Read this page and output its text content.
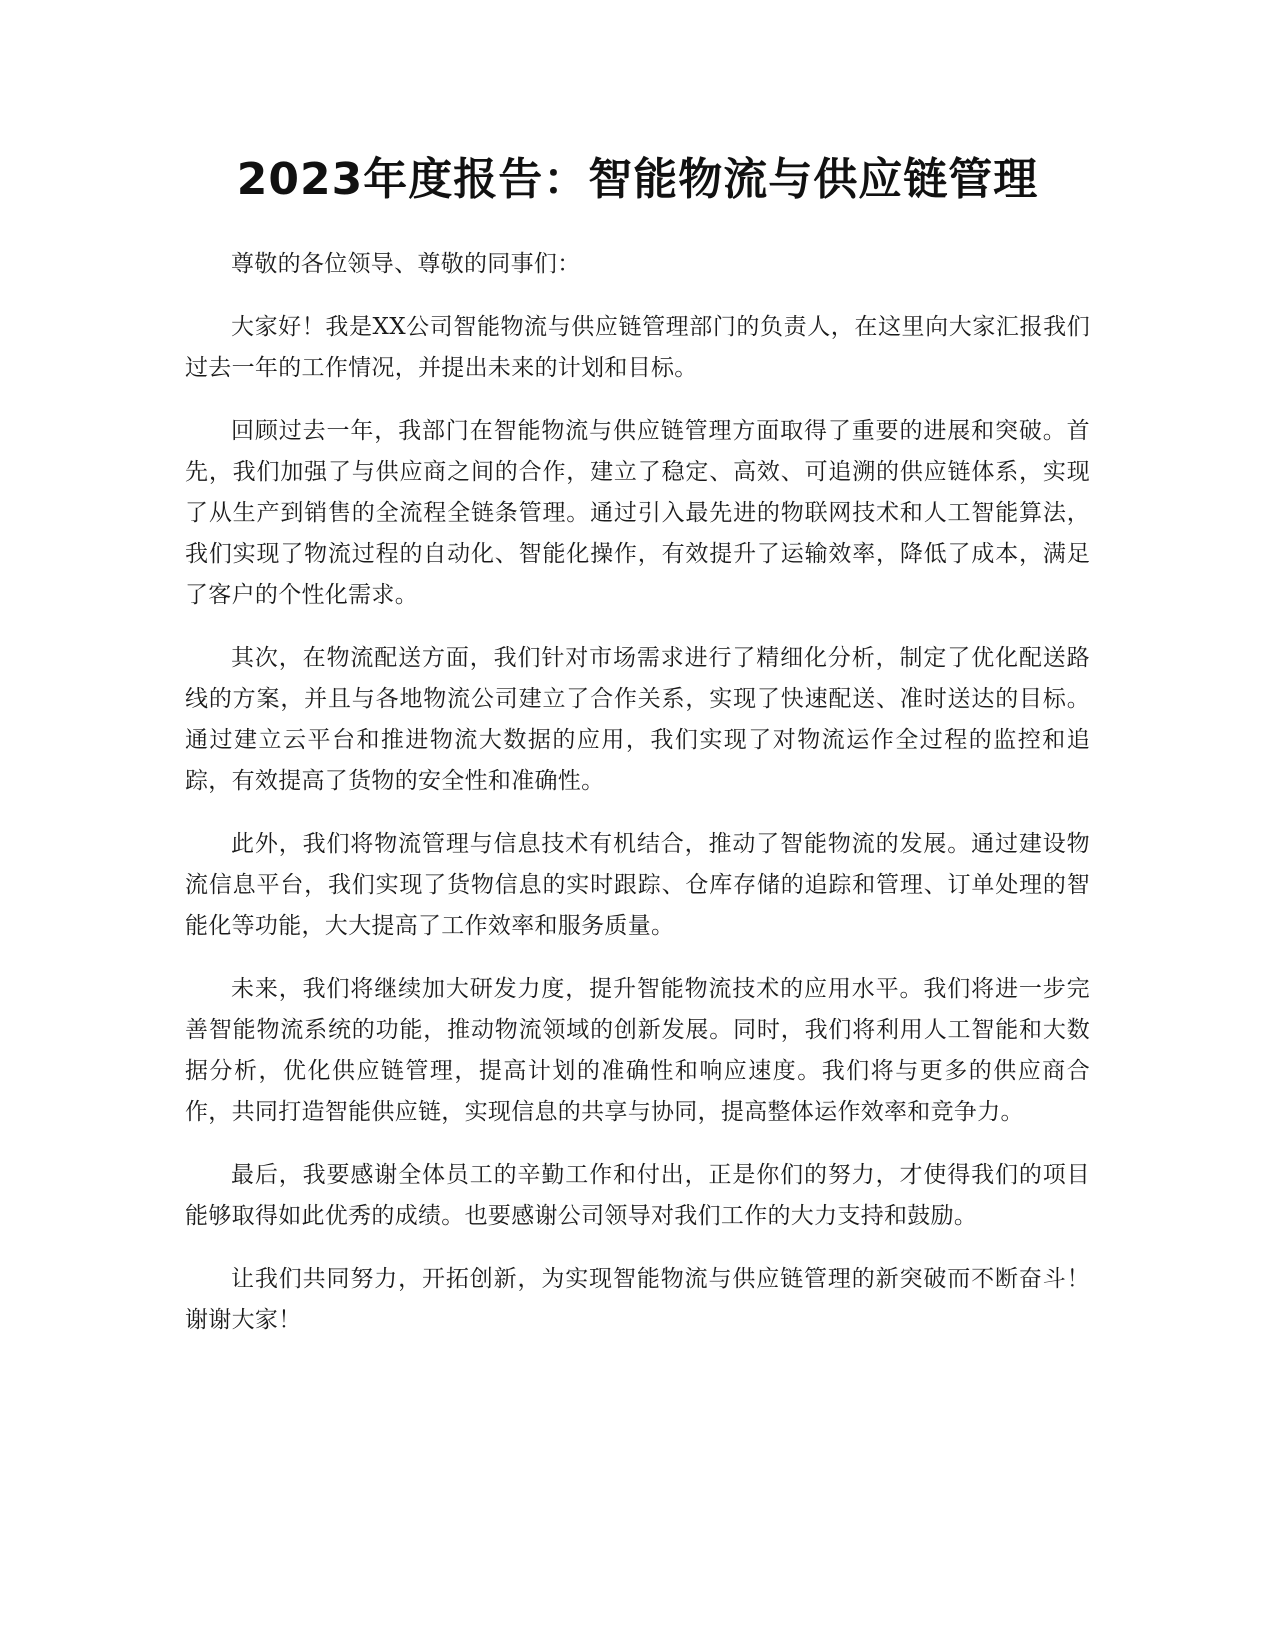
2023年度报告：智能物流与供应链管理

尊敬的各位领导、尊敬的同事们：

大家好！我是XX公司智能物流与供应链管理部门的负责人，在这里向大家汇报我们过去一年的工作情况，并提出未来的计划和目标。

回顾过去一年，我部门在智能物流与供应链管理方面取得了重要的进展和突破。首先，我们加强了与供应商之间的合作，建立了稳定、高效、可追溯的供应链体系，实现了从生产到销售的全流程全链条管理。通过引入最先进的物联网技术和人工智能算法，我们实现了物流过程的自动化、智能化操作，有效提升了运输效率，降低了成本，满足了客户的个性化需求。

其次，在物流配送方面，我们针对市场需求进行了精细化分析，制定了优化配送路线的方案，并且与各地物流公司建立了合作关系，实现了快速配送、准时送达的目标。通过建立云平台和推进物流大数据的应用，我们实现了对物流运作全过程的监控和追踪，有效提高了货物的安全性和准确性。

此外，我们将物流管理与信息技术有机结合，推动了智能物流的发展。通过建设物流信息平台，我们实现了货物信息的实时跟踪、仓库存储的追踪和管理、订单处理的智能化等功能，大大提高了工作效率和服务质量。

未来，我们将继续加大研发力度，提升智能物流技术的应用水平。我们将进一步完善智能物流系统的功能，推动物流领域的创新发展。同时，我们将利用人工智能和大数据分析，优化供应链管理，提高计划的准确性和响应速度。我们将与更多的供应商合作，共同打造智能供应链，实现信息的共享与协同，提高整体运作效率和竞争力。

最后，我要感谢全体员工的辛勤工作和付出，正是你们的努力，才使得我们的项目能够取得如此优秀的成绩。也要感谢公司领导对我们工作的大力支持和鼓励。

让我们共同努力，开拓创新，为实现智能物流与供应链管理的新突破而不断奋斗！谢谢大家！
